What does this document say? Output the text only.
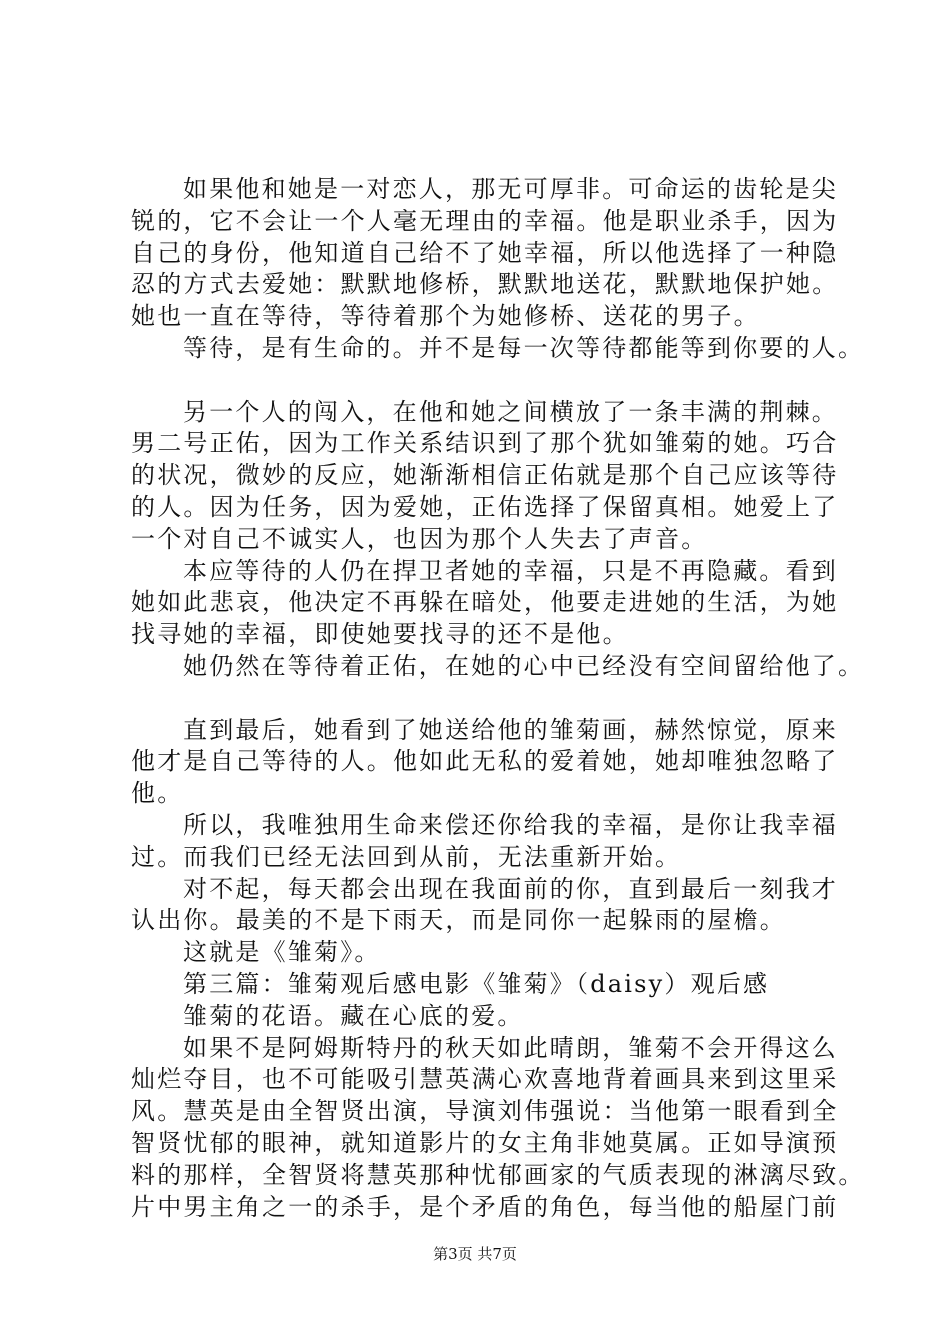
如果他和她是一对恋人，那无可厚非。可命运的齿轮是尖
锐的，它不会让一个人毫无理由的幸福。他是职业杀手，因为
自己的身份，他知道自己给不了她幸福，所以他选择了一种隐
忍的方式去爱她：默默地修桥，默默地送花，默默地保护她。
她也一直在等待，等待着那个为她修桥、送花的男子。
等待，是有生命的。并不是每一次等待都能等到你要的人。
另一个人的闯入，在他和她之间横放了一条丰满的荆棘。
男二号正佑，因为工作关系结识到了那个犹如雏菊的她。巧合
的状况，微妙的反应，她渐渐相信正佑就是那个自己应该等待
的人。因为任务，因为爱她，正佑选择了保留真相。她爱上了
一个对自己不诚实人，也因为那个人失去了声音。
本应等待的人仍在捍卫者她的幸福，只是不再隐藏。看到
她如此悲哀，他决定不再躲在暗处，他要走进她的生活，为她
找寻她的幸福，即使她要找寻的还不是他。
她仍然在等待着正佑，在她的心中已经没有空间留给他了。
直到最后，她看到了她送给他的雏菊画，赫然惊觉，原来
他才是自己等待的人。他如此无私的爱着她，她却唯独忽略了
他。
所以，我唯独用生命来偿还你给我的幸福，是你让我幸福
过。而我们已经无法回到从前，无法重新开始。
对不起，每天都会出现在我面前的你，直到最后一刻我才
认出你。最美的不是下雨天，而是同你一起躲雨的屋檐。
这就是《雏菊》。
第三篇：雏菊观后感电影《雏菊》（daisy）观后感
雏菊的花语。藏在心底的爱。
如果不是阿姆斯特丹的秋天如此晴朗，雏菊不会开得这么
灿烂夺目，也不可能吸引慧英满心欢喜地背着画具来到这里采
风。慧英是由全智贤出演，导演刘伟强说：当他第一眼看到全
智贤忧郁的眼神，就知道影片的女主角非她莫属。正如导演预
料的那样，全智贤将慧英那种忧郁画家的气质表现的淋漓尽致。
片中男主角之一的杀手，是个矛盾的角色，每当他的船屋门前
第3页 共7页
